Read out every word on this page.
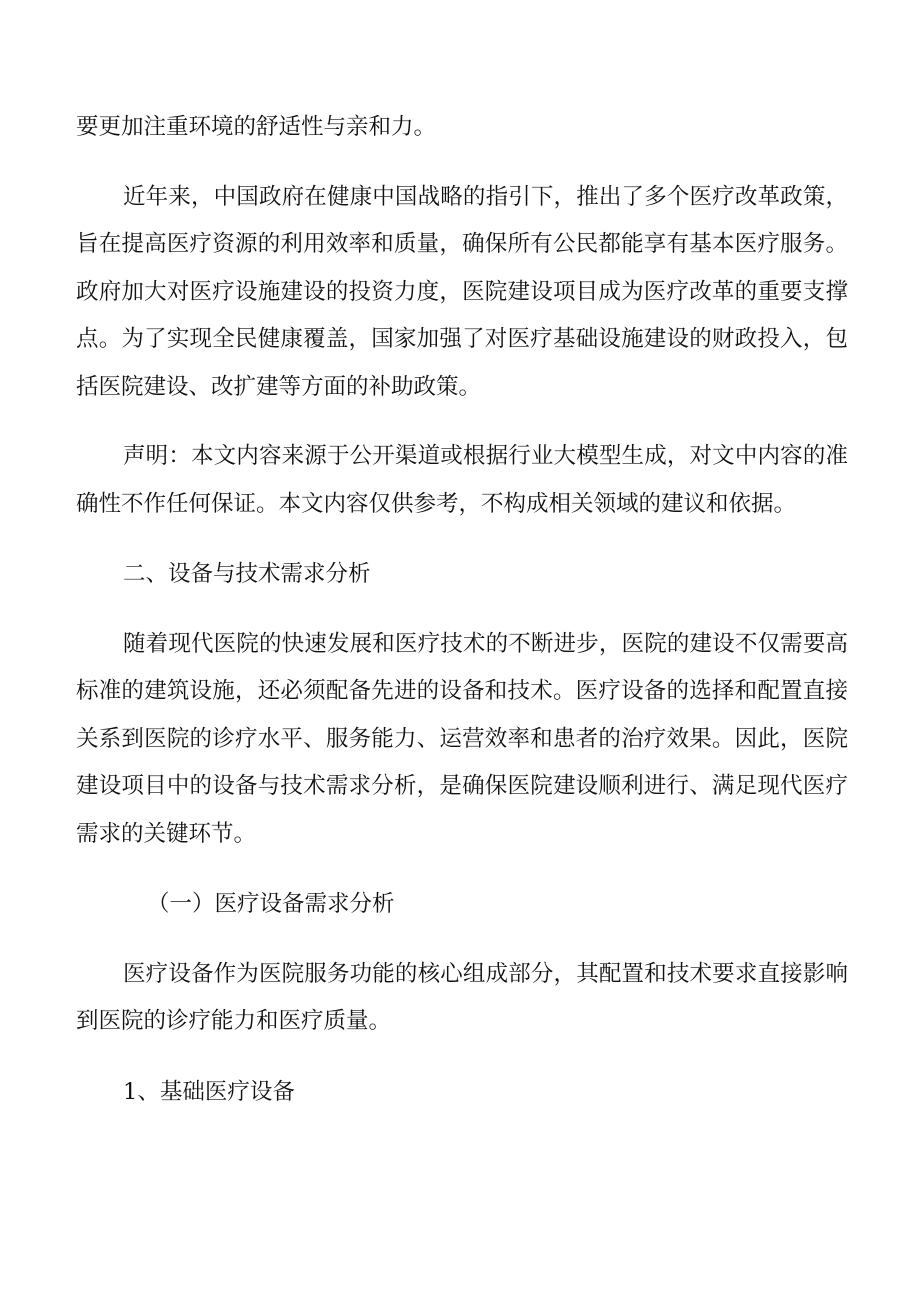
要更加注重环境的舒适性与亲和力。

近年来，中国政府在健康中国战略的指引下，推出了多个医疗改革政策，旨在提高医疗资源的利用效率和质量，确保所有公民都能享有基本医疗服务。政府加大对医疗设施建设的投资力度，医院建设项目成为医疗改革的重要支撑点。为了实现全民健康覆盖，国家加强了对医疗基础设施建设的财政投入，包括医院建设、改扩建等方面的补助政策。

声明：本文内容来源于公开渠道或根据行业大模型生成，对文中内容的准确性不作任何保证。本文内容仅供参考，不构成相关领域的建议和依据。

二、设备与技术需求分析

随着现代医院的快速发展和医疗技术的不断进步，医院的建设不仅需要高标准的建筑设施，还必须配备先进的设备和技术。医疗设备的选择和配置直接关系到医院的诊疗水平、服务能力、运营效率和患者的治疗效果。因此，医院建设项目中的设备与技术需求分析，是确保医院建设顺利进行、满足现代医疗需求的关键环节。

（一）医疗设备需求分析

医疗设备作为医院服务功能的核心组成部分，其配置和技术要求直接影响到医院的诊疗能力和医疗质量。

1、基础医疗设备
